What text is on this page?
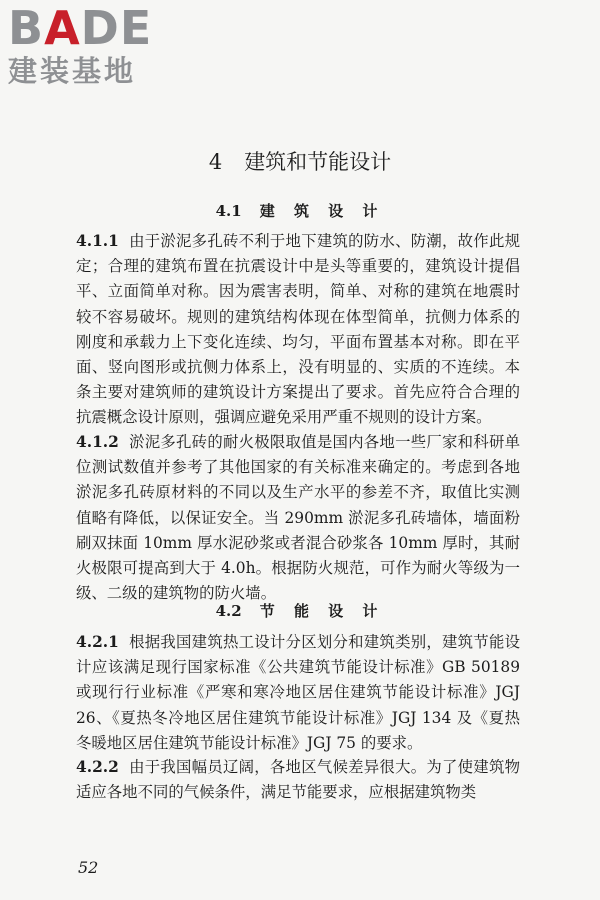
BADE
建装基地
4 建筑和节能设计
4.1 建 筑 设 计
4.1.1 由于淤泥多孔砖不利于地下建筑的防水、防潮，故作此规定；合理的建筑布置在抗震设计中是头等重要的，建筑设计提倡平、立面简单对称。因为震害表明，简单、对称的建筑在地震时较不容易破坏。规则的建筑结构体现在体型简单，抗侧力体系的刚度和承载力上下变化连续、均匀，平面布置基本对称。即在平面、竖向图形或抗侧力体系上，没有明显的、实质的不连续。本条主要对建筑师的建筑设计方案提出了要求。首先应符合合理的抗震概念设计原则，强调应避免采用严重不规则的设计方案。
4.1.2 淤泥多孔砖的耐火极限取值是国内各地一些厂家和科研单位测试数值并参考了其他国家的有关标准来确定的。考虑到各地淤泥多孔砖原材料的不同以及生产水平的参差不齐，取值比实测值略有降低，以保证安全。当 290mm 淤泥多孔砖墙体，墙面粉刷双抹面 10mm 厚水泥砂浆或者混合砂浆各 10mm 厚时，其耐火极限可提高到大于 4.0h。根据防火规范，可作为耐火等级为一级、二级的建筑物的防火墙。
4.2 节 能 设 计
4.2.1 根据我国建筑热工设计分区划分和建筑类别，建筑节能设计应该满足现行国家标准《公共建筑节能设计标准》GB 50189 或现行行业标准《严寒和寒冷地区居住建筑节能设计标准》JGJ 26、《夏热冬冷地区居住建筑节能设计标准》JGJ 134 及《夏热冬暖地区居住建筑节能设计标准》JGJ 75 的要求。
4.2.2 由于我国幅员辽阔，各地区气候差异很大。为了使建筑物适应各地不同的气候条件，满足节能要求，应根据建筑物类
52
